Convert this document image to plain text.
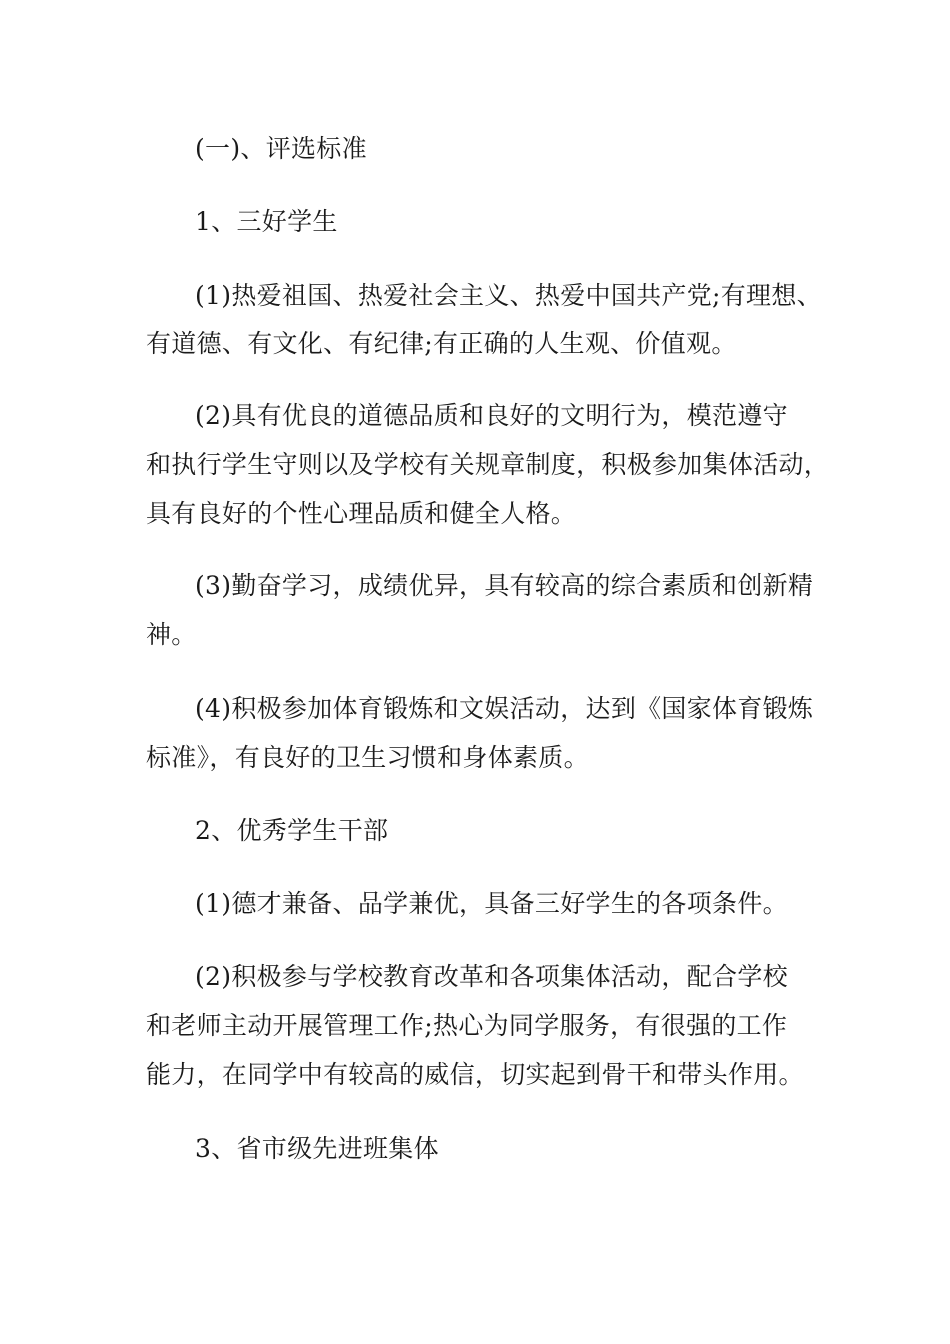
(一)、评选标准
1、三好学生
(1)热爱祖国、热爱社会主义、热爱中国共产党;有理想、
有道德、有文化、有纪律;有正确的人生观、价值观。
(2)具有优良的道德品质和良好的文明行为，模范遵守
和执行学生守则以及学校有关规章制度，积极参加集体活动，
具有良好的个性心理品质和健全人格。
(3)勤奋学习，成绩优异，具有较高的综合素质和创新精
神。
(4)积极参加体育锻炼和文娱活动，达到《国家体育锻炼
标准》，有良好的卫生习惯和身体素质。
2、优秀学生干部
(1)德才兼备、品学兼优，具备三好学生的各项条件。
(2)积极参与学校教育改革和各项集体活动，配合学校
和老师主动开展管理工作;热心为同学服务，有很强的工作
能力，在同学中有较高的威信，切实起到骨干和带头作用。
3、省市级先进班集体
